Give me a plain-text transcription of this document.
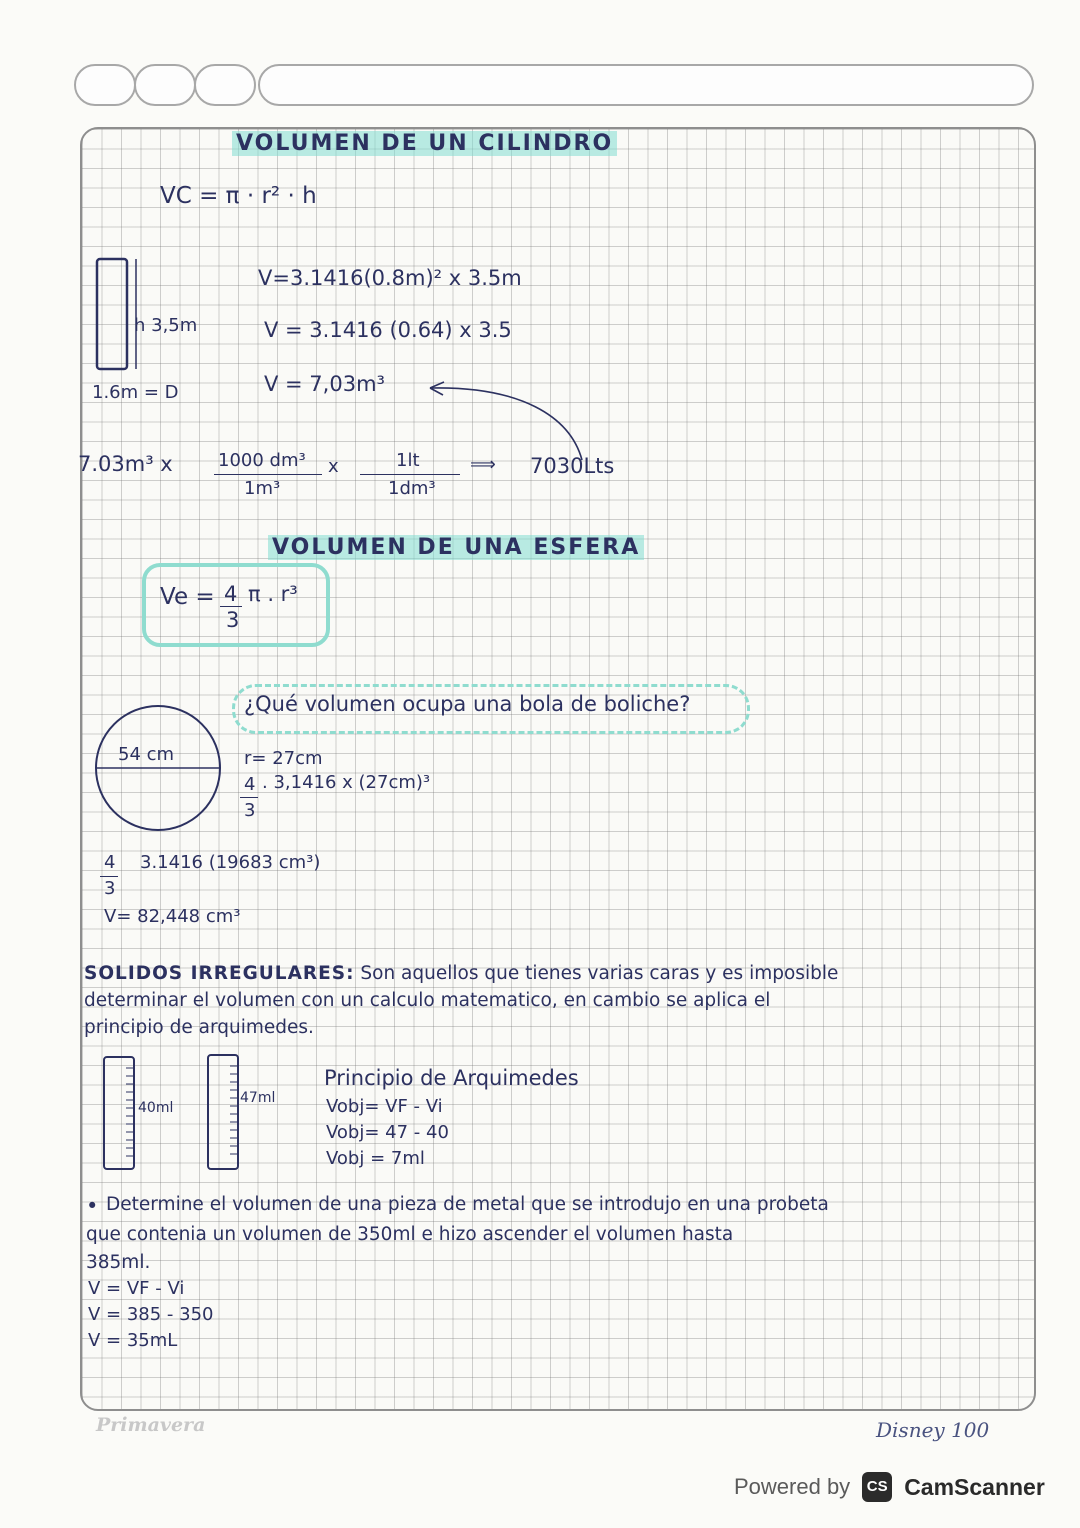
VOLUMEN DE UN CILINDRO
VC = π · r² · h
h 3,5m
1.6m = D
V=3.1416(0.8m)² x 3.5m
V = 3.1416 (0.64) x 3.5
V = 7,03m³
7.03m³ x	1000 dm³
1m³
x	1lt
1dm³
⟹ 7030Lts
VOLUMEN DE UNA ESFERA
Ve = 4
3
π . r³
¿Qué volumen ocupa una bola de boliche?
54 cm	r= 27cm
4 . 3,1416 x (27cm)³
3
4 3.1416 (19683 cm³)
3
V= 82,448 cm³
SOLIDOS IRREGULARES: Son aquellos que tienes varias caras y es imposible
determinar el volumen con un calculo matematico, en cambio se aplica el
principio de arquimedes.
40ml
47ml
Principio de Arquimedes
Vobj= VF - Vi
Vobj= 47 - 40
Vobj = 7ml
• Determine el volumen de una pieza de metal que se introdujo en una probeta
que contenia un volumen de 350ml e hizo ascender el volumen hasta
385ml.
V = VF - Vi
V = 385 - 350
V = 35mL
Primavera	Disney 100
Powered by	CS CamScanner
